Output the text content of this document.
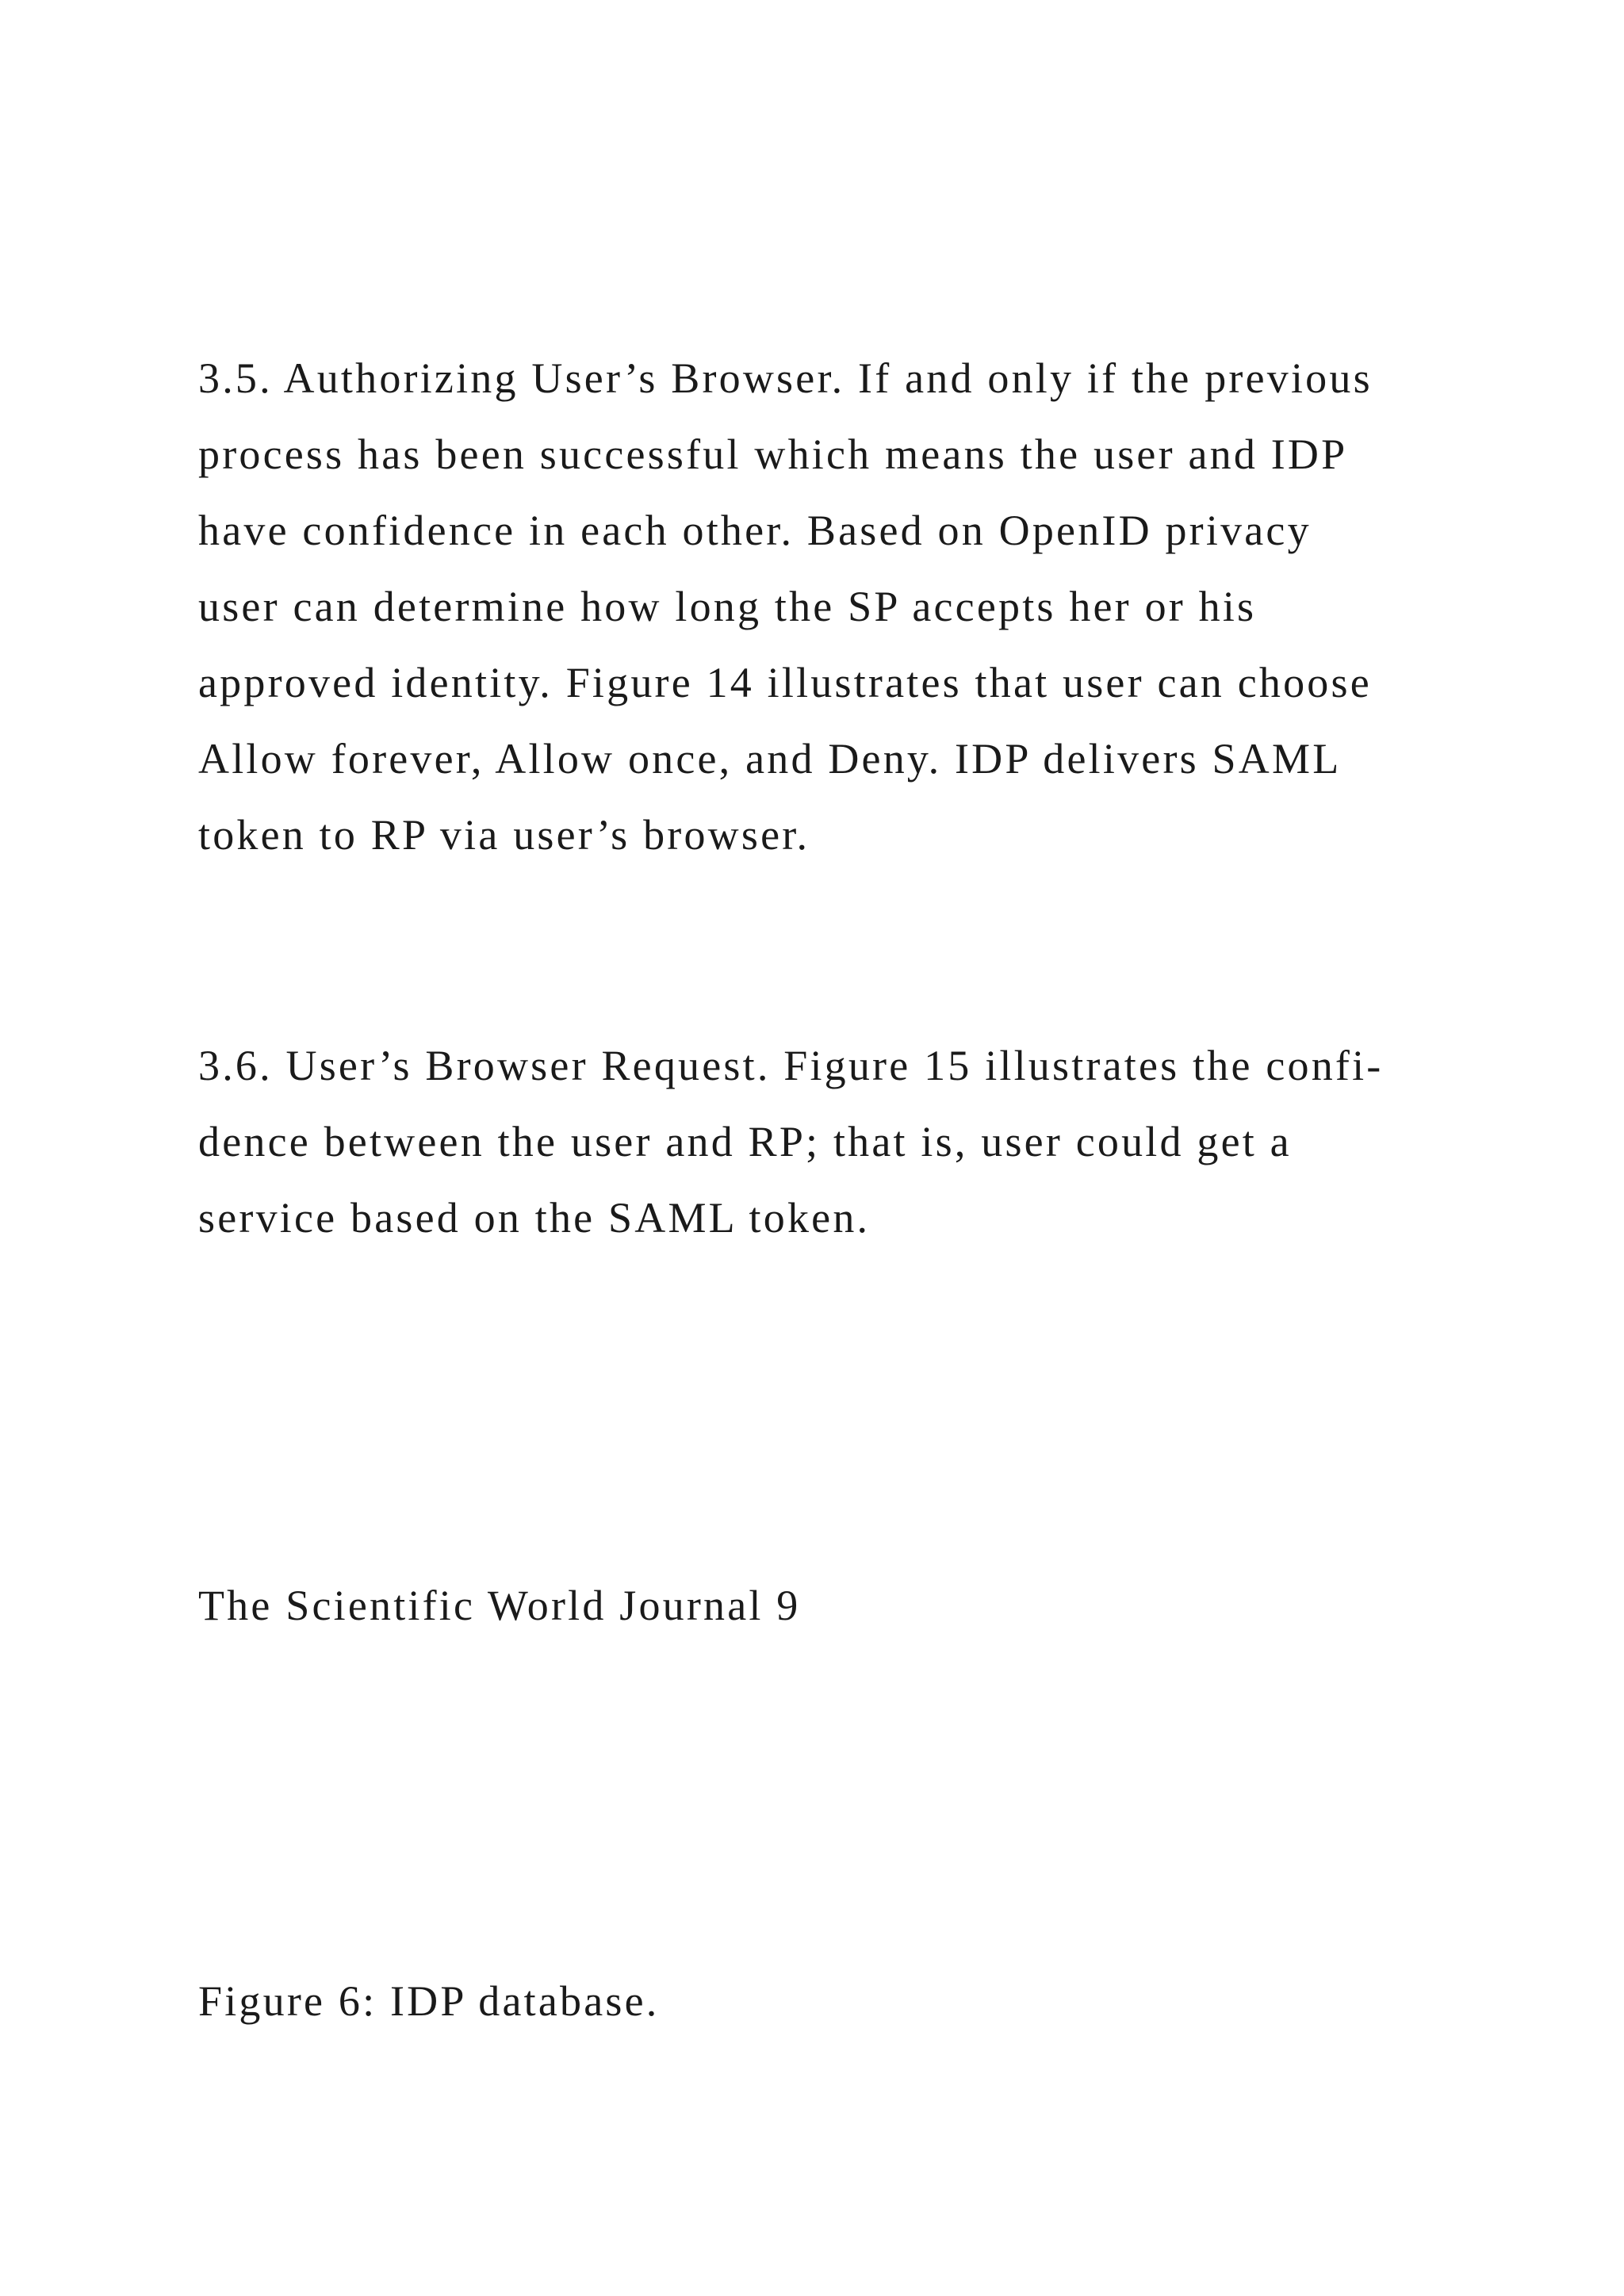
3.5. Authorizing User’s Browser. If and only if the previous

process has been successful which means the user and IDP

have confidence in each other. Based on OpenID privacy

user can determine how long the SP accepts her or his

approved identity. Figure 14 illustrates that user can choose

Allow forever, Allow once, and Deny. IDP delivers SAML

token to RP via user’s browser.

3.6. User’s Browser Request. Figure 15 illustrates the confi-

dence between the user and RP; that is, user could get a

service based on the SAML token.

The Scientific World Journal 9

Figure 6: IDP database.
